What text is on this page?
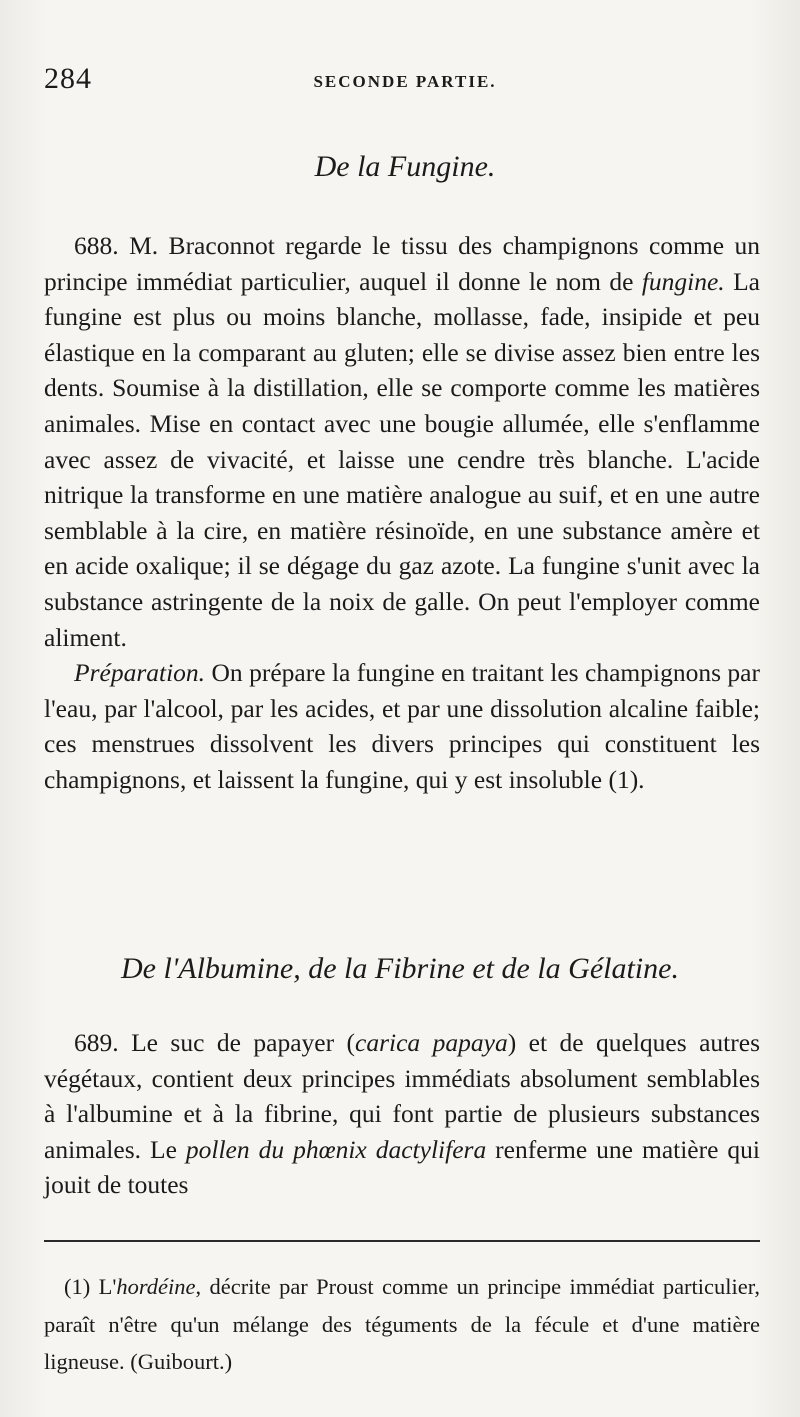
284	SECONDE PARTIE.
De la Fungine.

688. M. Braconnot regarde le tissu des champignons comme un principe immédiat particulier, auquel il donne le nom de fungine. La fungine est plus ou moins blanche, mollasse, fade, insipide et peu élastique en la comparant au gluten; elle se divise assez bien entre les dents. Soumise à la distillation, elle se comporte comme les matières animales. Mise en contact avec une bougie allumée, elle s'enflamme avec assez de vivacité, et laisse une cendre très blanche. L'acide nitrique la transforme en une matière analogue au suif, et en une autre semblable à la cire, en matière résinoïde, en une substance amère et en acide oxalique; il se dégage du gaz azote. La fungine s'unit avec la substance astringente de la noix de galle. On peut l'employer comme aliment.

Préparation. On prépare la fungine en traitant les champignons par l'eau, par l'alcool, par les acides, et par une dissolution alcaline faible; ces menstrues dissolvent les divers principes qui constituent les champignons, et laissent la fungine, qui y est insoluble (1).

De l'Albumine, de la Fibrine et de la Gélatine.

689. Le suc de papayer (carica papaya) et de quelques autres végétaux, contient deux principes immédiats absolument semblables à l'albumine et à la fibrine, qui font partie de plusieurs substances animales. Le pollen du phœnix dactylifera renferme une matière qui jouit de toutes

(1) L'hordéine, décrite par Proust comme un principe immédiat particulier, paraît n'être qu'un mélange des téguments de la fécule et d'une matière ligneuse. (Guibourt.)
